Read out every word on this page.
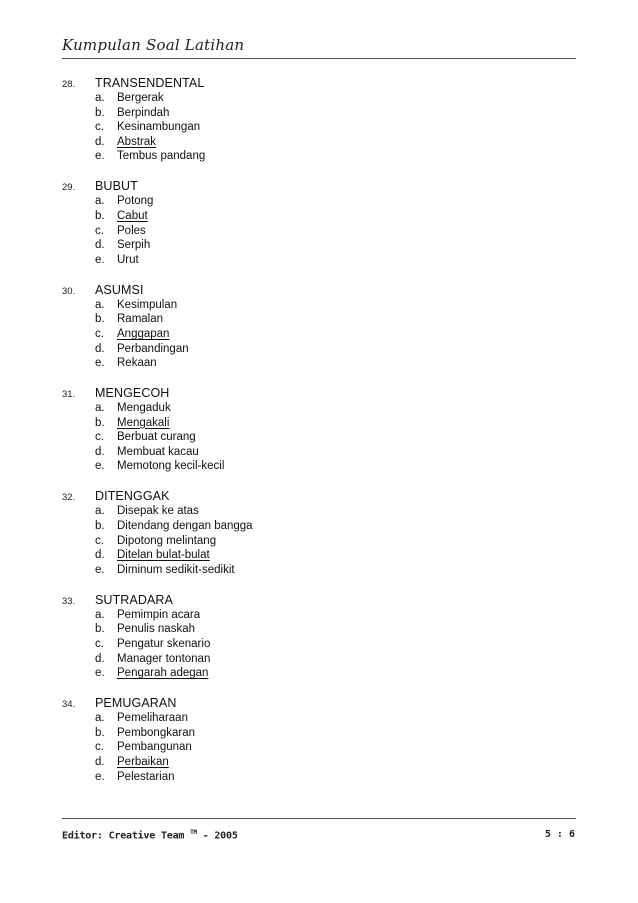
Kumpulan Soal Latihan
28.	TRANSENDENTAL
a.	Bergerak
b.	Berpindah
c.	Kesinambungan
d.	Abstrak
e.	Tembus pandang
29.	BUBUT
a.	Potong
b.	Cabut
c.	Poles
d.	Serpih
e.	Urut
30.	ASUMSI
a.	Kesimpulan
b.	Ramalan
c.	Anggapan
d.	Perbandingan
e.	Rekaan
31.	MENGECOH
a.	Mengaduk
b.	Mengakali
c.	Berbuat curang
d.	Membuat kacau
e.	Memotong kecil-kecil
32.	DITENGGAK
a.	Disepak ke atas
b.	Ditendang dengan bangga
c.	Dipotong melintang
d.	Ditelan bulat-bulat
e.	Diminum sedikit-sedikit
33.	SUTRADARA
a.	Pemimpin acara
b.	Penulis naskah
c.	Pengatur skenario
d.	Manager tontonan
e.	Pengarah adegan
34.	PEMUGARAN
a.	Pemeliharaan
b.	Pembongkaran
c.	Pembangunan
d.	Perbaikan
e.	Pelestarian
Editor: Creative Team ™ - 2005	5 : 6
